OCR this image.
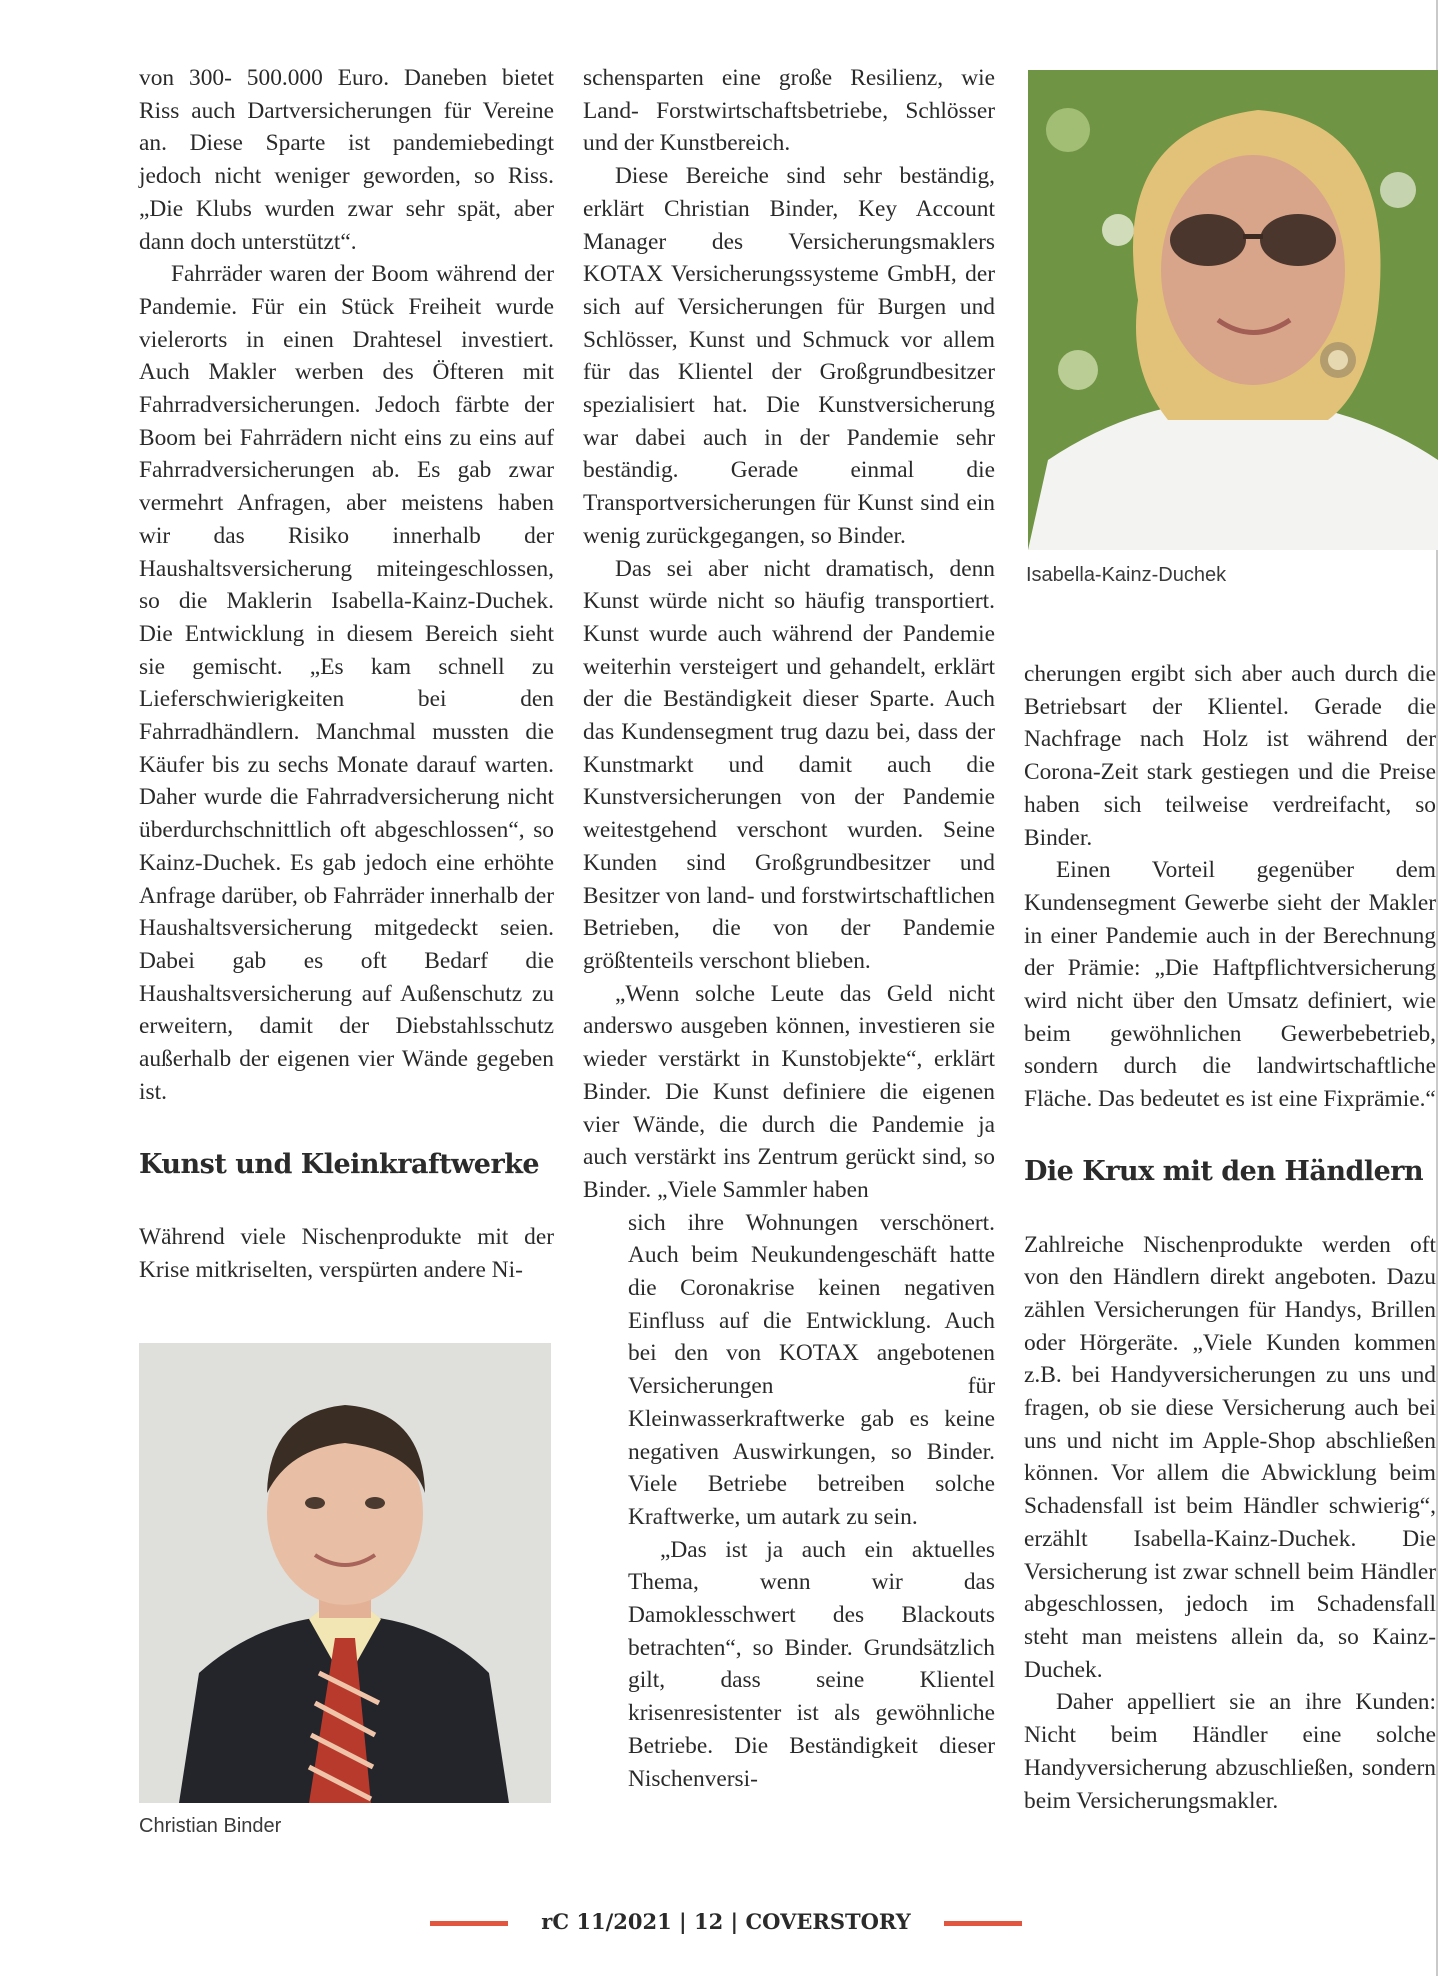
von 300- 500.000 Euro. Daneben bietet Riss auch Dartversicherungen für Vereine an. Diese Sparte ist pandemiebedingt jedoch nicht weniger geworden, so Riss. „Die Klubs wurden zwar sehr spät, aber dann doch unterstützt“.

Fahrräder waren der Boom während der Pandemie. Für ein Stück Freiheit wurde vielerorts in einen Drahtesel investiert. Auch Makler werben des Öfteren mit Fahrradversicherungen. Jedoch färbte der Boom bei Fahrrädern nicht eins zu eins auf Fahrradversicherungen ab. Es gab zwar vermehrt Anfragen, aber meistens haben wir das Risiko innerhalb der Haushaltsversicherung miteingeschlossen, so die Maklerin Isabella-Kainz-Duchek. Die Entwicklung in diesem Bereich sieht sie gemischt. „Es kam schnell zu Lieferschwierigkeiten bei den Fahrradhändlern. Manchmal mussten die Käufer bis zu sechs Monate darauf warten. Daher wurde die Fahrradversicherung nicht überdurchschnittlich oft abgeschlossen“, so Kainz-Duchek. Es gab jedoch eine erhöhte Anfrage darüber, ob Fahrräder innerhalb der Haushaltsversicherung mitgedeckt seien. Dabei gab es oft Bedarf die Haushaltsversicherung auf Außenschutz zu erweitern, damit der Diebstahlsschutz außerhalb der eigenen vier Wände gegeben ist.

Kunst und Kleinkraftwerke

Während viele Nischenprodukte mit der Krise mitkriselten, verspürten andere Ni-

Christian Binder

schensparten eine große Resilienz, wie Land- Forstwirtschaftsbetriebe, Schlösser und der Kunstbereich.

Diese Bereiche sind sehr beständig, erklärt Christian Binder, Key Account Manager des Versicherungsmaklers KOTAX Versicherungssysteme GmbH, der sich auf Versicherungen für Burgen und Schlösser, Kunst und Schmuck vor allem für das Klientel der Großgrundbesitzer spezialisiert hat. Die Kunstversicherung war dabei auch in der Pandemie sehr beständig. Gerade einmal die Transportversicherungen für Kunst sind ein wenig zurückgegangen, so Binder.

Das sei aber nicht dramatisch, denn Kunst würde nicht so häufig transportiert. Kunst wurde auch während der Pandemie weiterhin versteigert und gehandelt, erklärt der die Beständigkeit dieser Sparte. Auch das Kundensegment trug dazu bei, dass der Kunstmarkt und damit auch die Kunstversicherungen von der Pandemie weitestgehend verschont wurden. Seine Kunden sind Großgrundbesitzer und Besitzer von land- und forstwirtschaftlichen Betrieben, die von der Pandemie größtenteils verschont blieben.

„Wenn solche Leute das Geld nicht anderswo ausgeben können, investieren sie wieder verstärkt in Kunstobjekte“, erklärt Binder. Die Kunst definiere die eigenen vier Wände, die durch die Pandemie ja auch verstärkt ins Zentrum gerückt sind, so Binder. „Viele Sammler haben

sich ihre Wohnungen verschönert. Auch beim Neukundengeschäft hatte die Coronakrise keinen negativen Einfluss auf die Entwicklung. Auch bei den von KOTAX angebotenen Versicherungen für Kleinwasserkraftwerke gab es keine negativen Auswirkungen, so Binder. Viele Betriebe betreiben solche Kraftwerke, um autark zu sein.

„Das ist ja auch ein aktuelles Thema, wenn wir das Damoklesschwert des Blackouts betrachten“, so Binder. Grundsätzlich gilt, dass seine Klientel krisenresistenter ist als gewöhnliche Betriebe. Die Beständigkeit dieser Nischenversi-

Isabella-Kainz-Duchek

cherungen ergibt sich aber auch durch die Betriebsart der Klientel. Gerade die Nachfrage nach Holz ist während der Corona-Zeit stark gestiegen und die Preise haben sich teilweise verdreifacht, so Binder.

Einen Vorteil gegenüber dem Kundensegment Gewerbe sieht der Makler in einer Pandemie auch in der Berechnung der Prämie: „Die Haftpflichtversicherung wird nicht über den Umsatz definiert, wie beim gewöhnlichen Gewerbebetrieb, sondern durch die landwirtschaftliche Fläche. Das bedeutet es ist eine Fixprämie.“

Die Krux mit den Händlern

Zahlreiche Nischenprodukte werden oft von den Händlern direkt angeboten. Dazu zählen Versicherungen für Handys, Brillen oder Hörgeräte. „Viele Kunden kommen z.B. bei Handyversicherungen zu uns und fragen, ob sie diese Versicherung auch bei uns und nicht im Apple-Shop abschließen können. Vor allem die Abwicklung beim Schadensfall ist beim Händler schwierig“, erzählt Isabella-Kainz-Duchek. Die Versicherung ist zwar schnell beim Händler abgeschlossen, jedoch im Schadensfall steht man meistens allein da, so Kainz-Duchek.

Daher appelliert sie an ihre Kunden: Nicht beim Händler eine solche Handyversicherung abzuschließen, sondern beim Versicherungsmakler.

rC 11/2021 | 12 | COVERSTORY
